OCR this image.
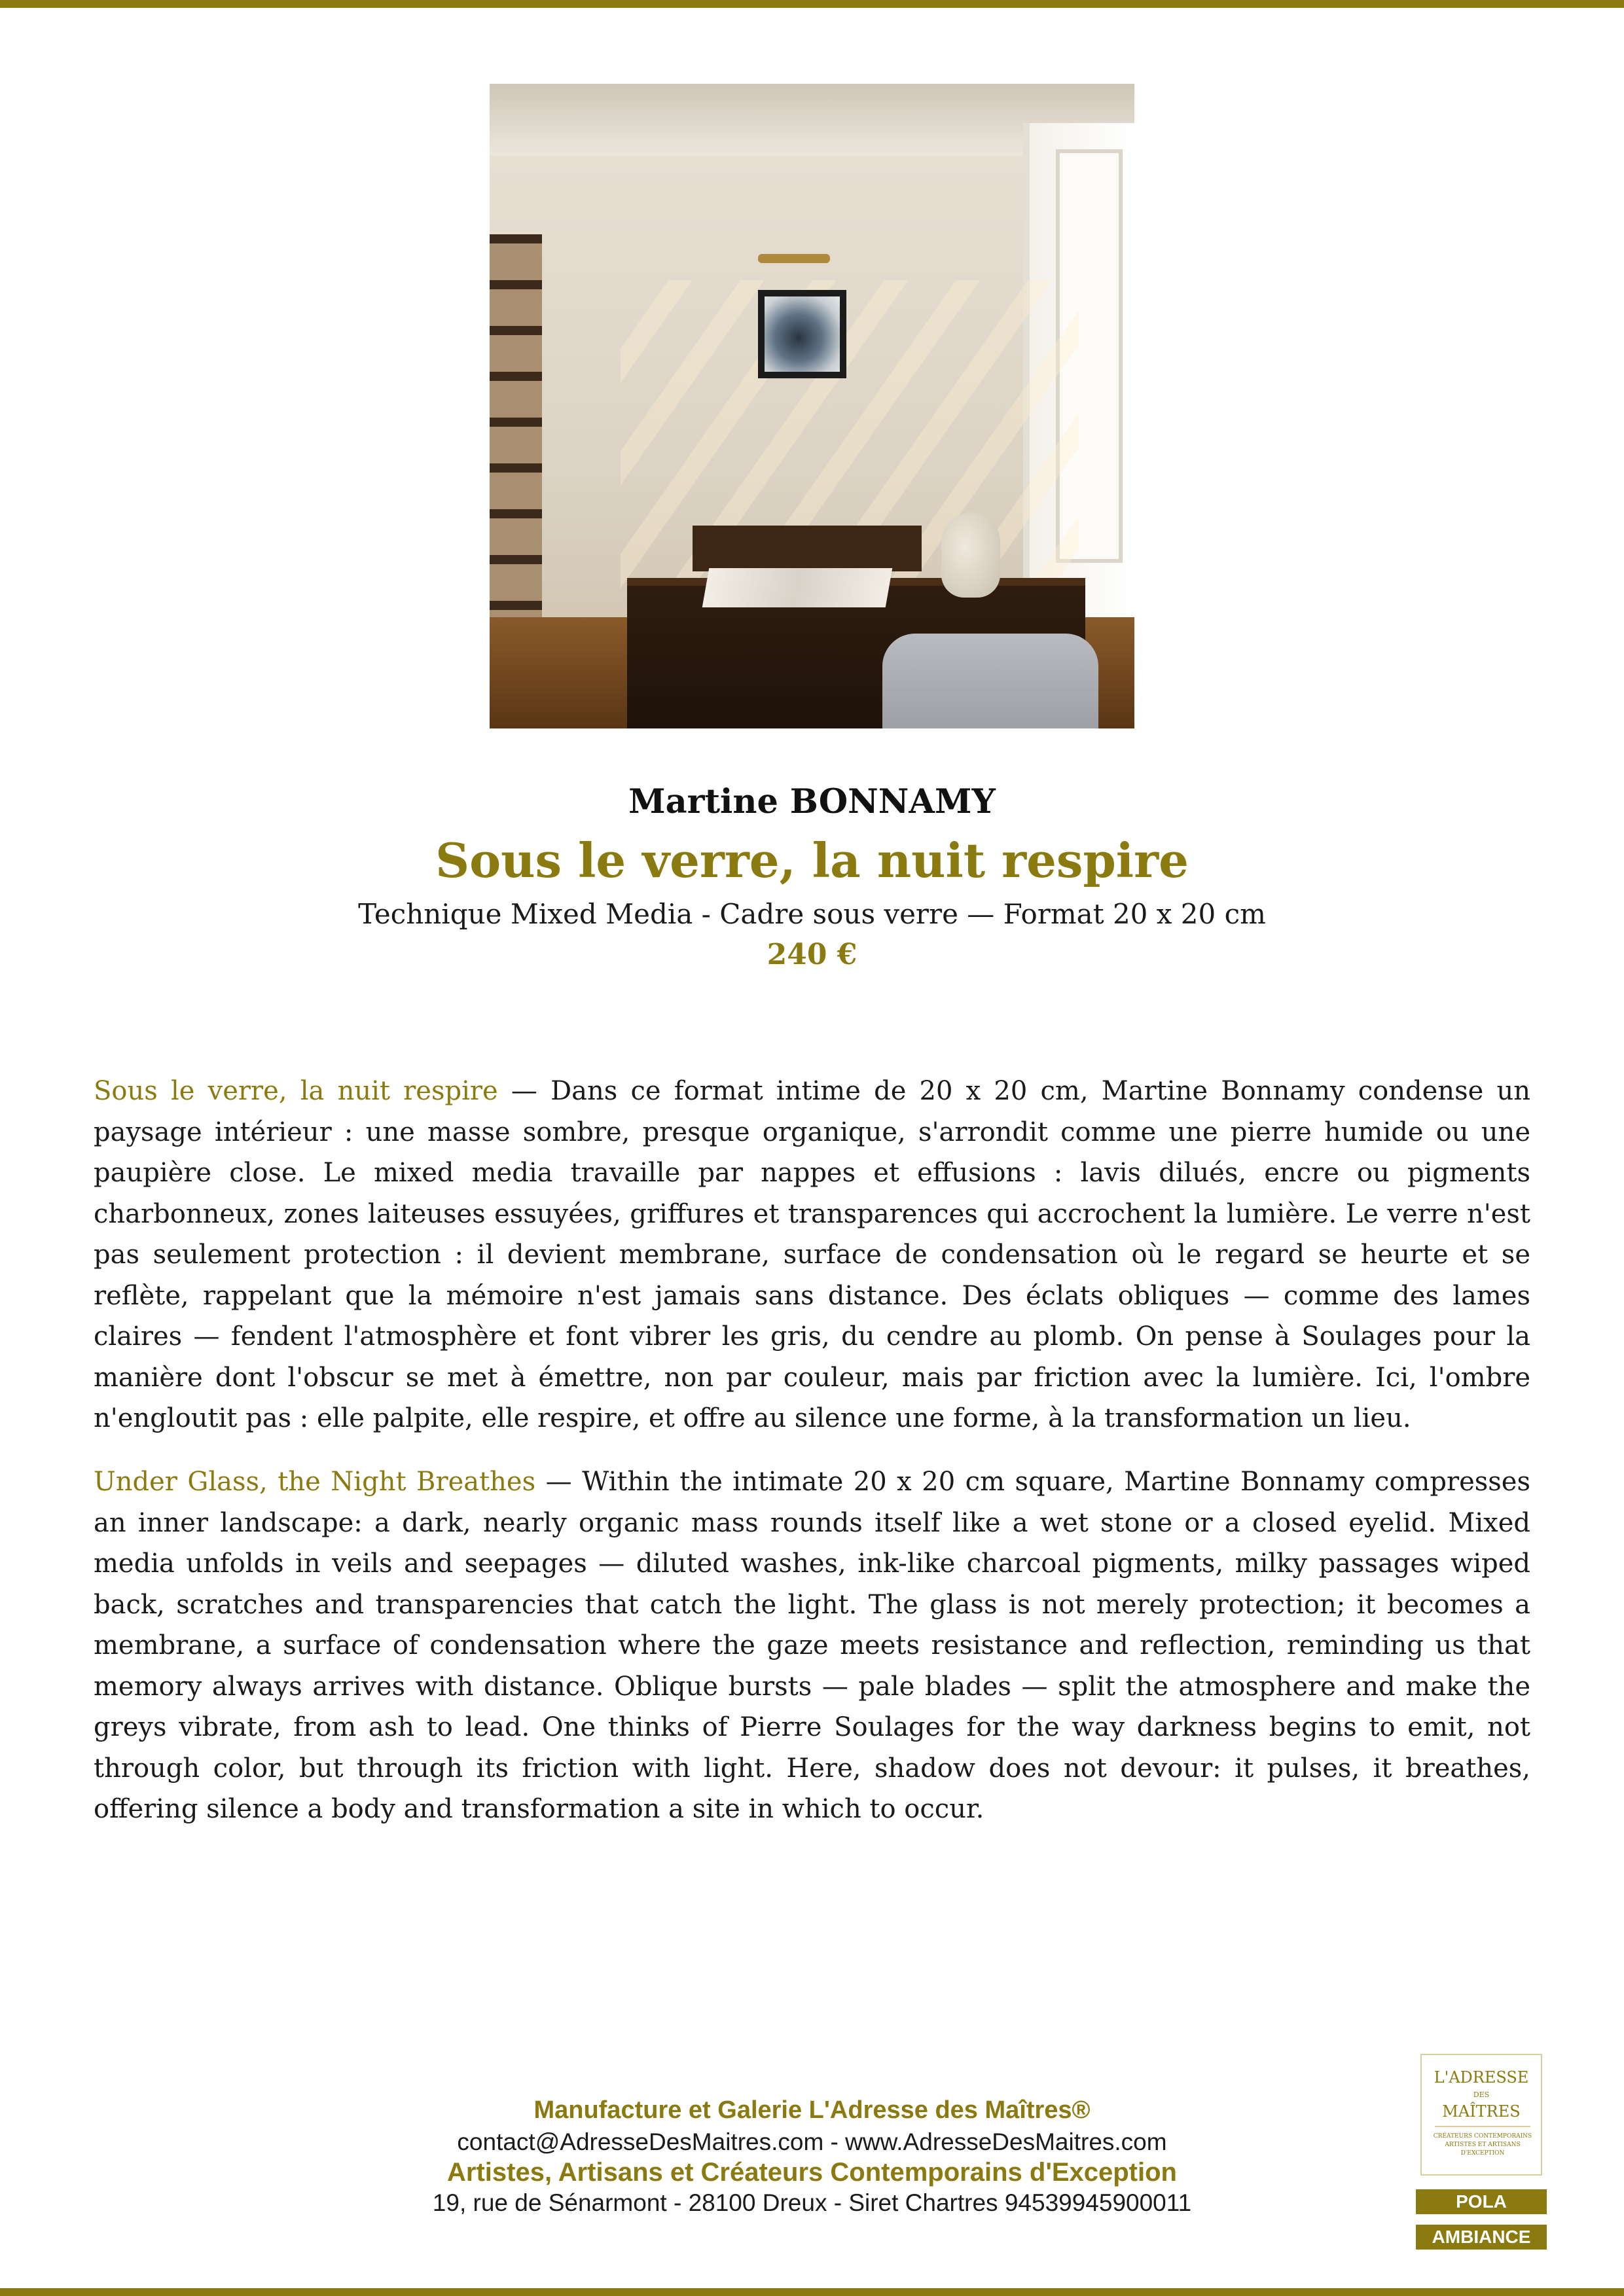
Martine BONNAMY
Sous le verre, la nuit respire
Technique Mixed Media - Cadre sous verre — Format 20 x 20 cm
240 €

Sous le verre, la nuit respire — Dans ce format intime de 20 x 20 cm, Martine Bonnamy condense un paysage intérieur : une masse sombre, presque organique, s'arrondit comme une pierre humide ou une paupière close. Le mixed media travaille par nappes et effusions : lavis dilués, encre ou pigments charbonneux, zones laiteuses essuyées, griffures et transparences qui accrochent la lumière. Le verre n'est pas seulement protection : il devient membrane, surface de condensation où le regard se heurte et se reflète, rappelant que la mémoire n'est jamais sans distance. Des éclats obliques — comme des lames claires — fendent l'atmosphère et font vibrer les gris, du cendre au plomb. On pense à Soulages pour la manière dont l'obscur se met à émettre, non par couleur, mais par friction avec la lumière. Ici, l'ombre n'engloutit pas : elle palpite, elle respire, et offre au silence une forme, à la transformation un lieu.

Under Glass, the Night Breathes — Within the intimate 20 x 20 cm square, Martine Bonnamy compresses an inner landscape: a dark, nearly organic mass rounds itself like a wet stone or a closed eyelid. Mixed media unfolds in veils and seepages — diluted washes, ink-like charcoal pigments, milky passages wiped back, scratches and transparencies that catch the light. The glass is not merely protection; it becomes a membrane, a surface of condensation where the gaze meets resistance and reflection, reminding us that memory always arrives with distance. Oblique bursts — pale blades — split the atmosphere and make the greys vibrate, from ash to lead. One thinks of Pierre Soulages for the way darkness begins to emit, not through color, but through its friction with light. Here, shadow does not devour: it pulses, it breathes, offering silence a body and transformation a site in which to occur.

Manufacture et Galerie L'Adresse des Maîtres®
contact@AdresseDesMaitres.com - www.AdresseDesMaitres.com
Artistes, Artisans et Créateurs Contemporains d'Exception
19, rue de Sénarmont - 28100 Dreux - Siret Chartres 94539945900011
L'ADRESSE
DES
MAÎTRES
CRÉATEURS CONTEMPORAINS ARTISTES ET ARTISANS D'EXCEPTION
POLA
AMBIANCE
